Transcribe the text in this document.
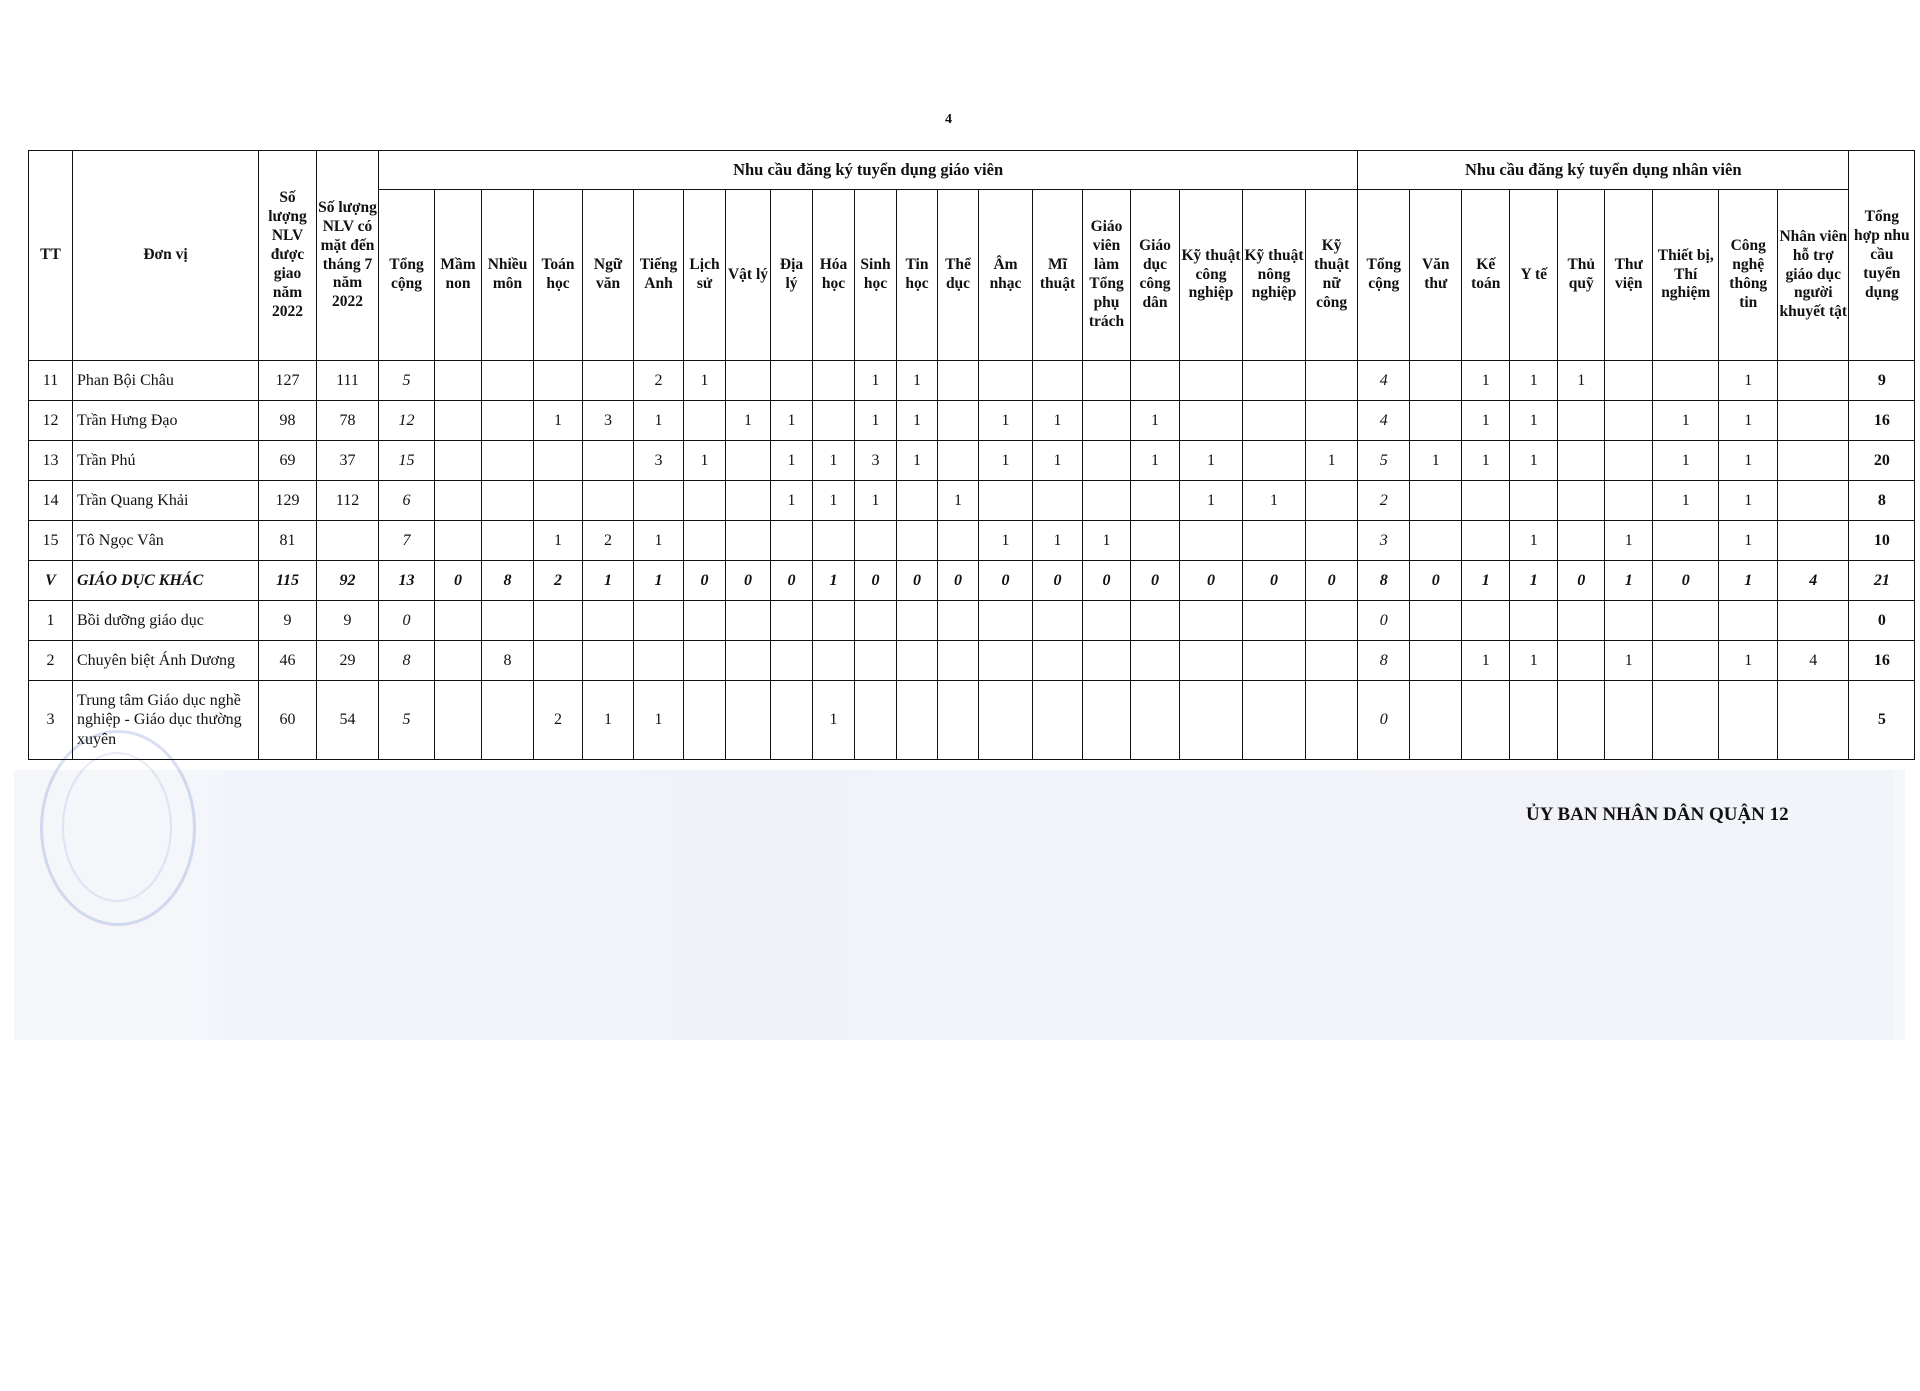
4
TT	Đơn vị	Số lượng NLV được giao năm 2022	Số lượng NLV có mặt đến tháng 7 năm 2022	Nhu cầu đăng ký tuyển dụng giáo viên																				Nhu cầu đăng ký tuyển dụng nhân viên									Tổng hợp nhu cầu tuyển dụng
				Tổng cộng	Mầm non	Nhiều môn	Toán học	Ngữ văn	Tiếng Anh	Lịch sử	Vật lý	Địa lý	Hóa học	Sinh học	Tin học	Thể dục	Âm nhạc	Mĩ thuật	Giáo viên làm Tổng phụ trách	Giáo dục công dân	Kỹ thuật công nghiệp	Kỹ thuật nông nghiệp	Kỹ thuật nữ công	Tổng cộng	Văn thư	Kế toán	Y tế	Thủ quỹ	Thư viện	Thiết bị, Thí nghiệm	Công nghệ thông tin	Nhân viên hỗ trợ giáo dục người khuyết tật	
11	Phan Bội Châu	127	111	5					2	1				1	1									4		1	1	1			1		9
12	Trần Hưng Đạo	98	78	12			1	3	1		1	1		1	1		1	1		1				4		1	1			1	1		16
13	Trần Phú	69	37	15					3	1		1	1	3	1		1	1		1	1		1	5	1	1	1			1	1		20
14	Trần Quang Khải	129	112	6								1	1	1		1					1	1		2						1	1		8
15	Tô Ngọc Vân	81		7			1	2	1								1	1	1					3			1		1		1		10
V	GIÁO DỤC KHÁC	115	92	13	0	8	2	1	1	0	0	0	1	0	0	0	0	0	0	0	0	0	0	8	0	1	1	0	1	0	1	4	21
1	Bồi dưỡng giáo dục	9	9	0																				0									0
2	Chuyên biệt Ánh Dương	46	29	8		8																		8		1	1		1		1	4	16
3	Trung tâm Giáo dục nghề nghiệp - Giáo dục thường xuyên	60	54	5			2	1	1				1											0									5
ỦY BAN NHÂN DÂN QUẬN 12
